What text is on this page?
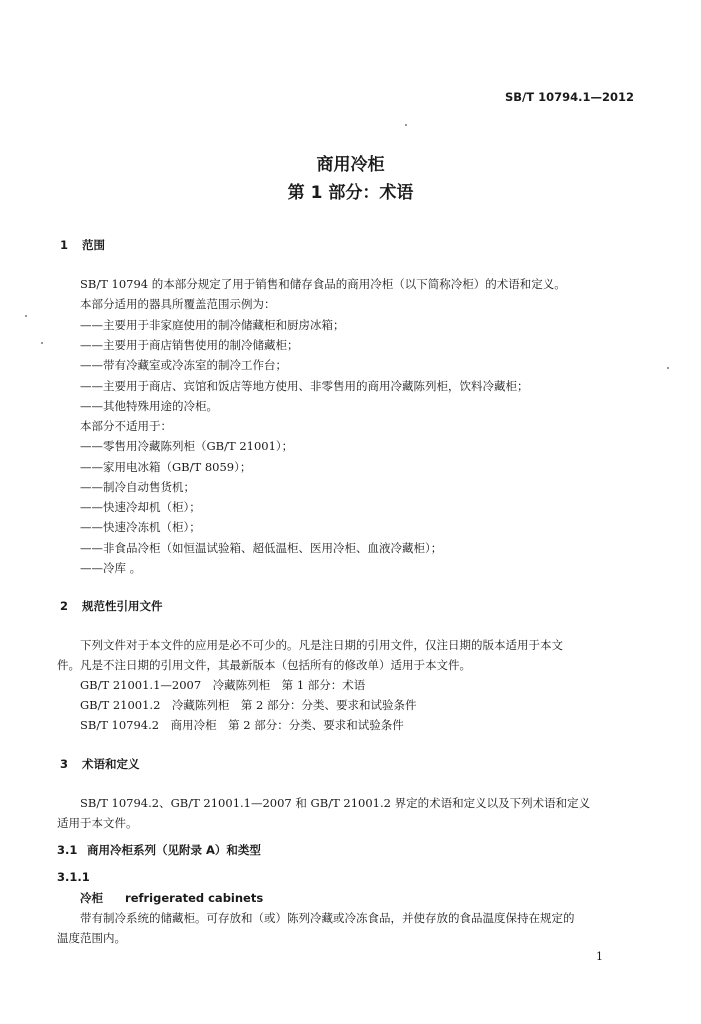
SB/T 10794.1—2012
商用冷柜
第 1 部分：术语
1 范围
SB/T 10794 的本部分规定了用于销售和储存食品的商用冷柜（以下简称冷柜）的术语和定义。
本部分适用的器具所覆盖范围示例为：
——主要用于非家庭使用的制冷储藏柜和厨房冰箱；
——主要用于商店销售使用的制冷储藏柜；
——带有冷藏室或冷冻室的制冷工作台；
——主要用于商店、宾馆和饭店等地方使用、非零售用的商用冷藏陈列柜，饮料冷藏柜；
——其他特殊用途的冷柜。
本部分不适用于：
——零售用冷藏陈列柜（GB/T 21001）；
——家用电冰箱（GB/T 8059）；
——制冷自动售货机；
——快速冷却机（柜）；
——快速冷冻机（柜）；
——非食品冷柜（如恒温试验箱、超低温柜、医用冷柜、血液冷藏柜）；
——冷库 。
2 规范性引用文件
下列文件对于本文件的应用是必不可少的。凡是注日期的引用文件，仅注日期的版本适用于本文
件。凡是不注日期的引用文件，其最新版本（包括所有的修改单）适用于本文件。
GB/T 21001.1—2007　冷藏陈列柜　第 1 部分：术语
GB/T 21001.2　冷藏陈列柜　第 2 部分：分类、要求和试验条件
SB/T 10794.2　商用冷柜　第 2 部分：分类、要求和试验条件
3 术语和定义
SB/T 10794.2、GB/T 21001.1—2007 和 GB/T 21001.2 界定的术语和定义以及下列术语和定义
适用于本文件。
3.1 商用冷柜系列（见附录 A）和类型
3.1.1
冷柜 refrigerated cabinets
带有制冷系统的储藏柜。可存放和（或）陈列冷藏或冷冻食品，并使存放的食品温度保持在规定的
温度范围内。
1
